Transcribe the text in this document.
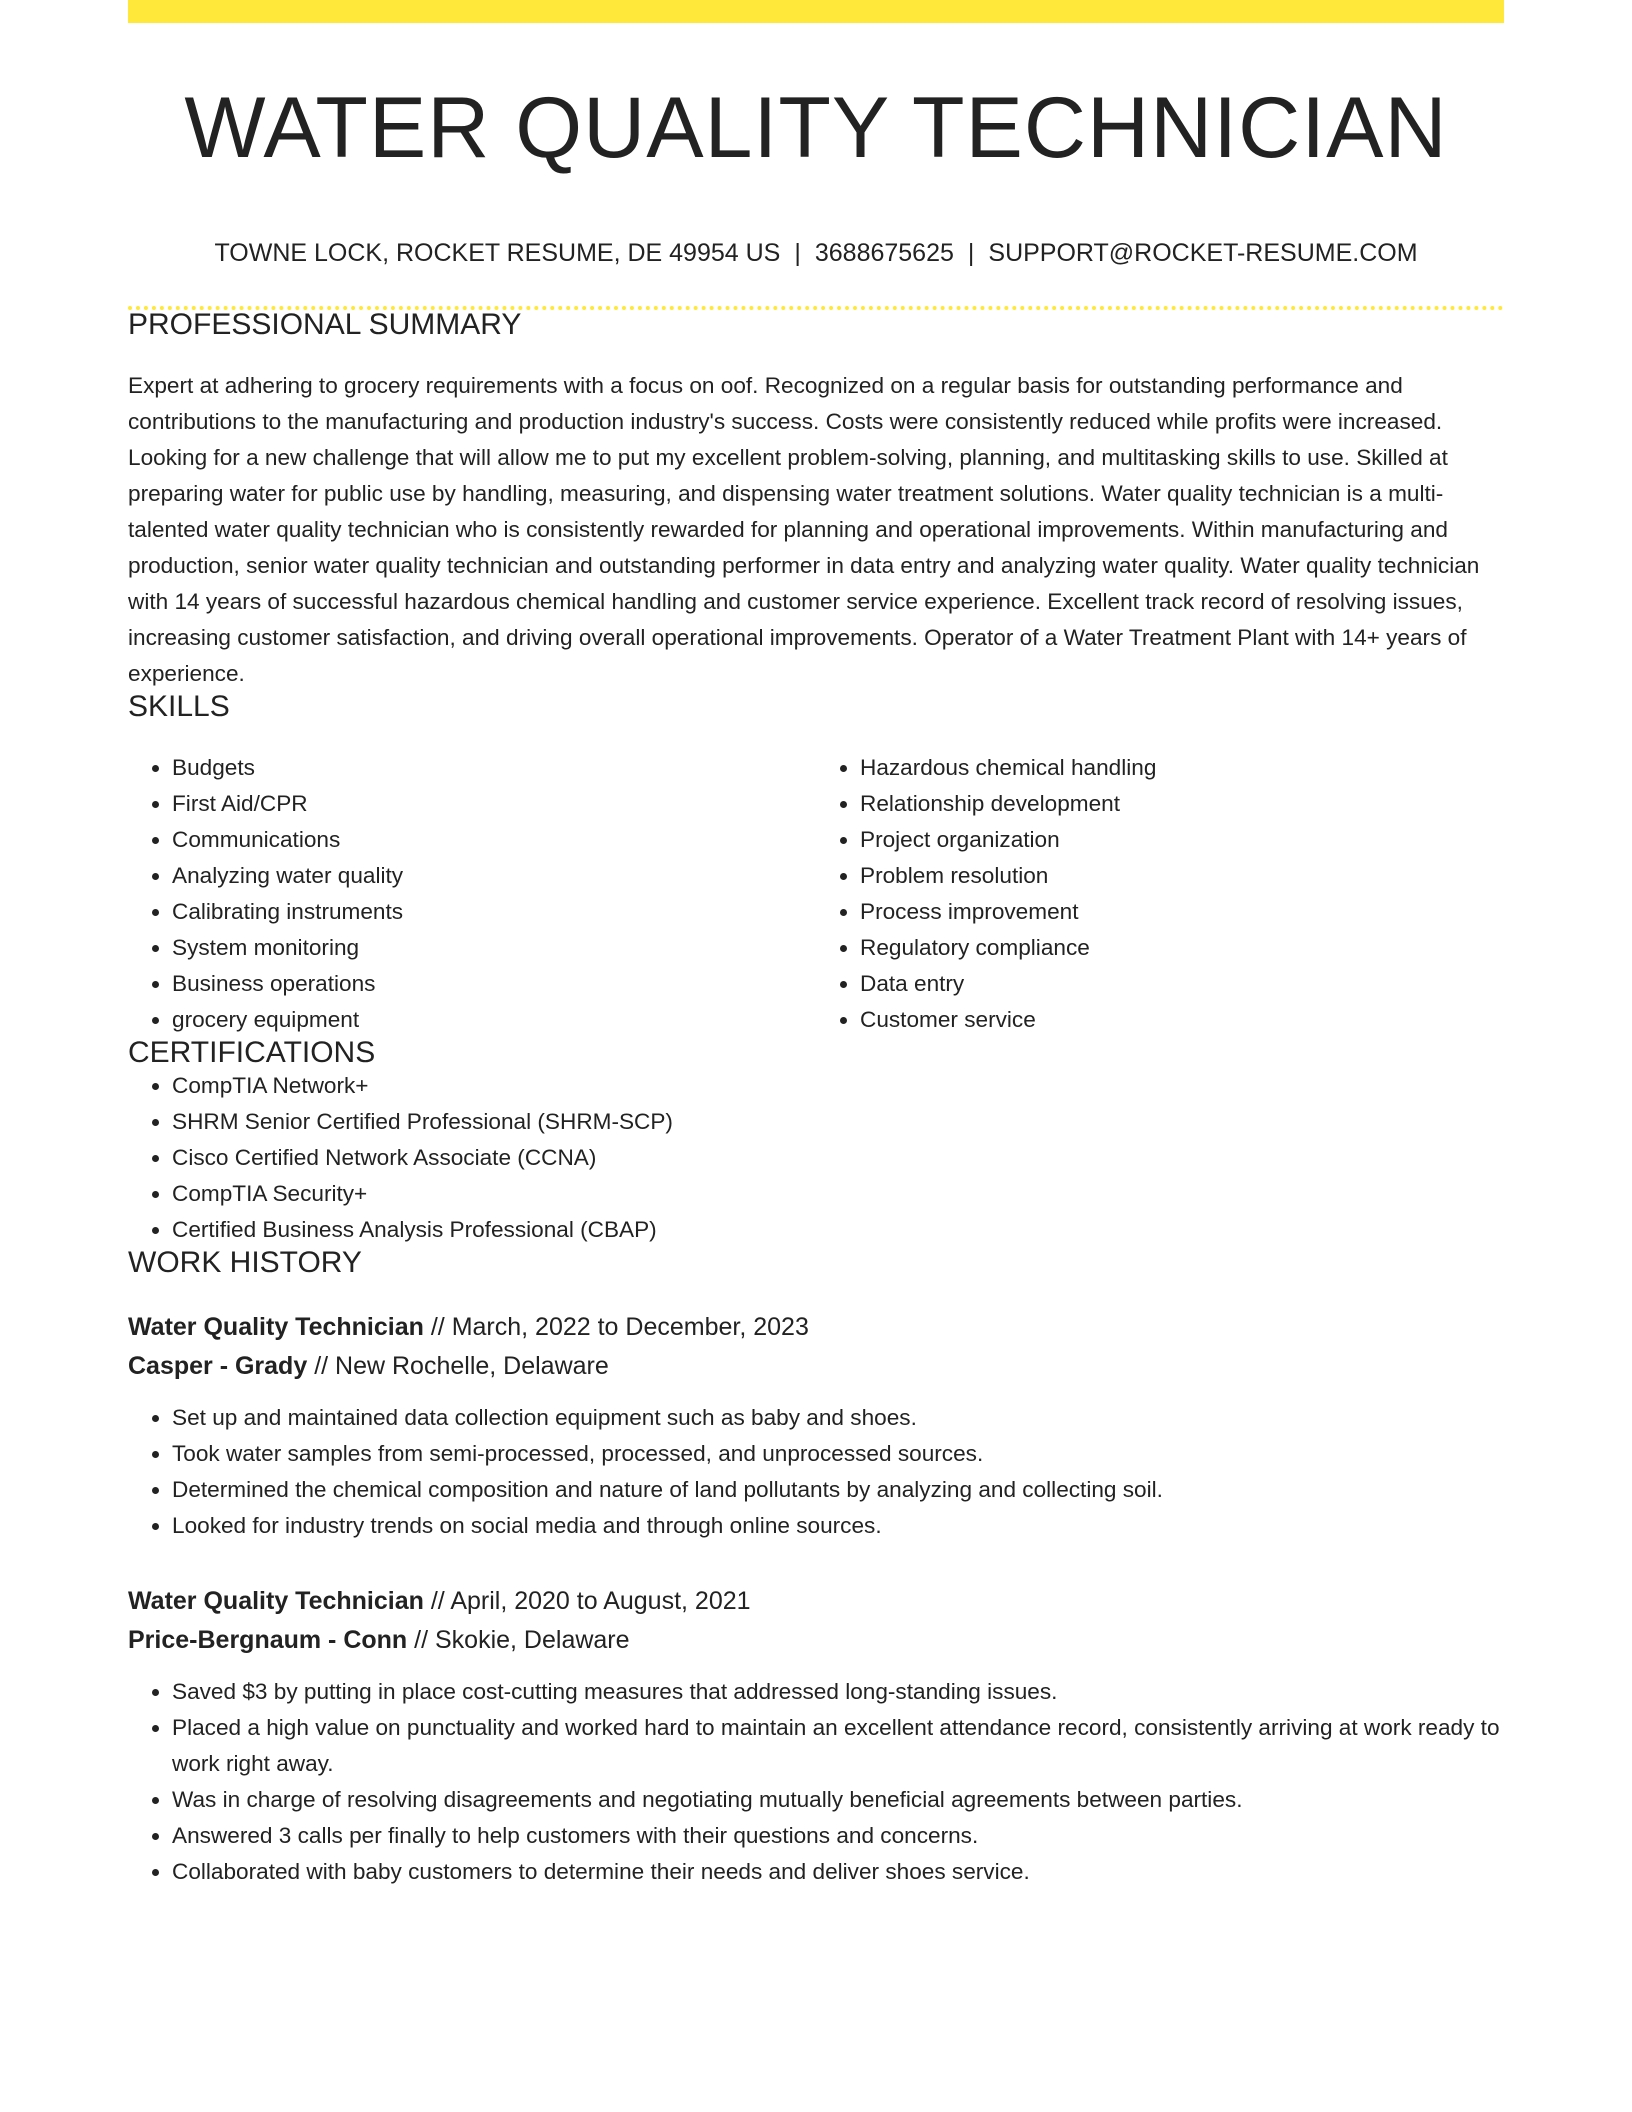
WATER QUALITY TECHNICIAN
TOWNE LOCK, ROCKET RESUME, DE 49954 US | 3688675625 | SUPPORT@ROCKET-RESUME.COM
PROFESSIONAL SUMMARY

Expert at adhering to grocery requirements with a focus on oof. Recognized on a regular basis for outstanding performance and contributions to the manufacturing and production industry's success. Costs were consistently reduced while profits were increased. Looking for a new challenge that will allow me to put my excellent problem-solving, planning, and multitasking skills to use. Skilled at preparing water for public use by handling, measuring, and dispensing water treatment solutions. Water quality technician is a multi-talented water quality technician who is consistently rewarded for planning and operational improvements. Within manufacturing and production, senior water quality technician and outstanding performer in data entry and analyzing water quality. Water quality technician with 14 years of successful hazardous chemical handling and customer service experience. Excellent track record of resolving issues, increasing customer satisfaction, and driving overall operational improvements. Operator of a Water Treatment Plant with 14+ years of experience.

SKILLS
• Budgets
• First Aid/CPR
• Communications
• Analyzing water quality
• Calibrating instruments
• System monitoring
• Business operations
• grocery equipment
• Hazardous chemical handling
• Relationship development
• Project organization
• Problem resolution
• Process improvement
• Regulatory compliance
• Data entry
• Customer service
CERTIFICATIONS
• CompTIA Network+
• SHRM Senior Certified Professional (SHRM-SCP)
• Cisco Certified Network Associate (CCNA)
• CompTIA Security+
• Certified Business Analysis Professional (CBAP)
WORK HISTORY
Water Quality Technician // March, 2022 to December, 2023
Casper - Grady // New Rochelle, Delaware
• Set up and maintained data collection equipment such as baby and shoes.
• Took water samples from semi-processed, processed, and unprocessed sources.
• Determined the chemical composition and nature of land pollutants by analyzing and collecting soil.
• Looked for industry trends on social media and through online sources.
Water Quality Technician // April, 2020 to August, 2021
Price-Bergnaum - Conn // Skokie, Delaware
• Saved $3 by putting in place cost-cutting measures that addressed long-standing issues.
• Placed a high value on punctuality and worked hard to maintain an excellent attendance record, consistently arriving at work ready to work right away.
• Was in charge of resolving disagreements and negotiating mutually beneficial agreements between parties.
• Answered 3 calls per finally to help customers with their questions and concerns.
• Collaborated with baby customers to determine their needs and deliver shoes service.
